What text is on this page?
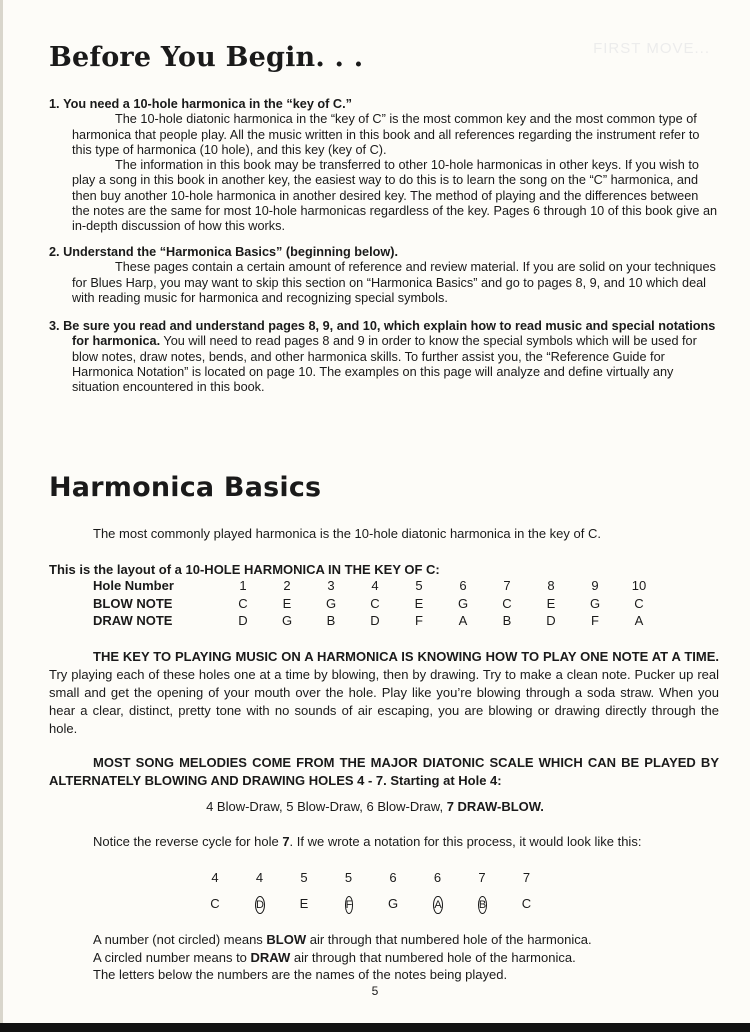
FIRST MOVE...
Before You Begin. . .
1. You need a 10-hole harmonica in the “key of C.”
The 10-hole diatonic harmonica in the “key of C” is the most common key and the most common type of harmonica that people play. All the music written in this book and all references regarding the instrument refer to this type of harmonica (10 hole), and this key (key of C).
The information in this book may be transferred to other 10-hole harmonicas in other keys. If you wish to play a song in this book in another key, the easiest way to do this is to learn the song on the “C” harmonica, and then buy another 10-hole harmonica in another desired key. The method of playing and the differences between the notes are the same for most 10-hole harmonicas regardless of the key. Pages 6 through 10 of this book give an in-depth discussion of how this works.
2. Understand the “Harmonica Basics” (beginning below).
These pages contain a certain amount of reference and review material. If you are solid on your techniques for Blues Harp, you may want to skip this section on “Harmonica Basics” and go to pages 8, 9, and 10 which deal with reading music for harmonica and recognizing special symbols.
3. Be sure you read and understand pages 8, 9, and 10, which explain how to read music and special notations for harmonica. You will need to read pages 8 and 9 in order to know the special symbols which will be used for blow notes, draw notes, bends, and other harmonica skills. To further assist you, the “Reference Guide for Harmonica Notation” is located on page 10. The examples on this page will analyze and define virtually any situation encountered in this book.
Harmonica Basics
The most commonly played harmonica is the 10-hole diatonic harmonica in the key of C.
This is the layout of a 10-HOLE HARMONICA IN THE KEY OF C:
Hole Number	1	2	3	4	5	6	7	8	9	10
BLOW NOTE	C	E	G	C	E	G	C	E	G	C
DRAW NOTE	D	G	B	D	F	A	B	D	F	A
THE KEY TO PLAYING MUSIC ON A HARMONICA IS KNOWING HOW TO PLAY ONE NOTE AT A TIME. Try playing each of these holes one at a time by blowing, then by drawing. Try to make a clean note. Pucker up real small and get the opening of your mouth over the hole. Play like you’re blowing through a soda straw. When you hear a clear, distinct, pretty tone with no sounds of air escaping, you are blowing or drawing directly through the hole.
MOST SONG MELODIES COME FROM THE MAJOR DIATONIC SCALE WHICH CAN BE PLAYED BY ALTERNATELY BLOWING AND DRAWING HOLES 4 - 7. Starting at Hole 4:
4 Blow-Draw, 5 Blow-Draw, 6 Blow-Draw, 7 DRAW-BLOW.
Notice the reverse cycle for hole 7. If we wrote a notation for this process, it would look like this:
4	4	5	5	6	6	7	7
C	D	E	F	G	A	B	C
A number (not circled) means BLOW air through that numbered hole of the harmonica.
A circled number means to DRAW air through that numbered hole of the harmonica.
The letters below the numbers are the names of the notes being played.
5
